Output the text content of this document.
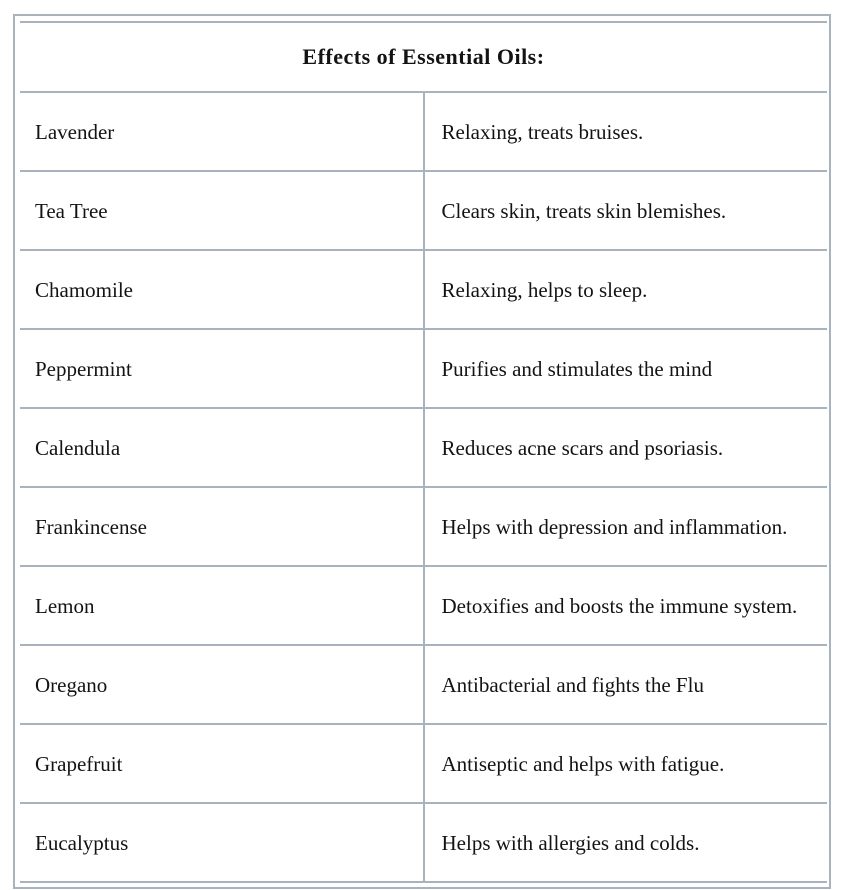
Effects of Essential Oils:	
Lavender	Relaxing, treats bruises.
Tea Tree	Clears skin, treats skin blemishes.
Chamomile	Relaxing, helps to sleep.
Peppermint	Purifies and stimulates the mind
Calendula	Reduces acne scars and psoriasis.
Frankincense	Helps with depression and inflammation.
Lemon	Detoxifies and boosts the immune system.
Oregano	Antibacterial and fights the Flu
Grapefruit	Antiseptic and helps with fatigue.
Eucalyptus	Helps with allergies and colds.
